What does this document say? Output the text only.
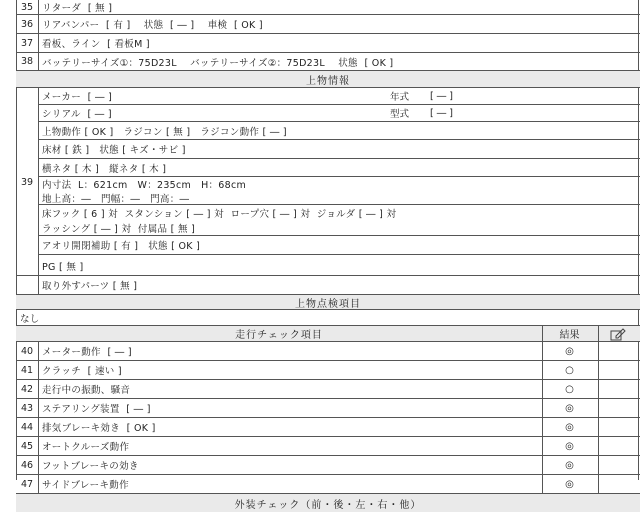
35 リターダ  [ 無 ]
36 リアバンパー  [ 有 ]    状態  [ ― ]    車検  [ OK ]
37 看板、ライン  [ 看板M ]
38 バッテリーサイズ①：75D23L    バッテリーサイズ②：75D23L    状態  [ OK ]
上物情報
39
メーカー  [ ― ]	年式 [ ― ]
シリアル  [ ― ]	型式 [ ― ]
上物動作 [ OK ]   ラジコン [ 無 ]   ラジコン動作 [ ― ]
床材 [ 鉄 ]   状態 [ キズ・サビ ]
横ネタ [ 木 ]   縦ネタ [ 木 ]
内寸法  L：621cm   W：235cm   H：68cm
地上高：―   門幅：―   門高：―
床フック [ 6 ] 対  スタンション [ ― ] 対  ロープ穴 [ ― ] 対  ジョルダ [ ― ] 対
ラッシング [ ― ] 対  付属品 [ 無 ]
アオリ開閉補助 [ 有 ]   状態 [ OK ]
PG [ 無 ]
取り外すパーツ [ 無 ]
上物点検項目
なし
走行チェック項目	結果
40 メーター動作  [ ― ]	◎
41 クラッチ  [ 速い ]	○
42 走行中の振動、騒音	○
43 ステアリング装置  [ ― ]	◎
44 排気ブレーキ効き  [ OK ]	◎
45 オートクルーズ動作	◎
46 フットブレーキの効き	◎
47 サイドブレーキ動作	◎
外装チェック（前・後・左・右・他）
